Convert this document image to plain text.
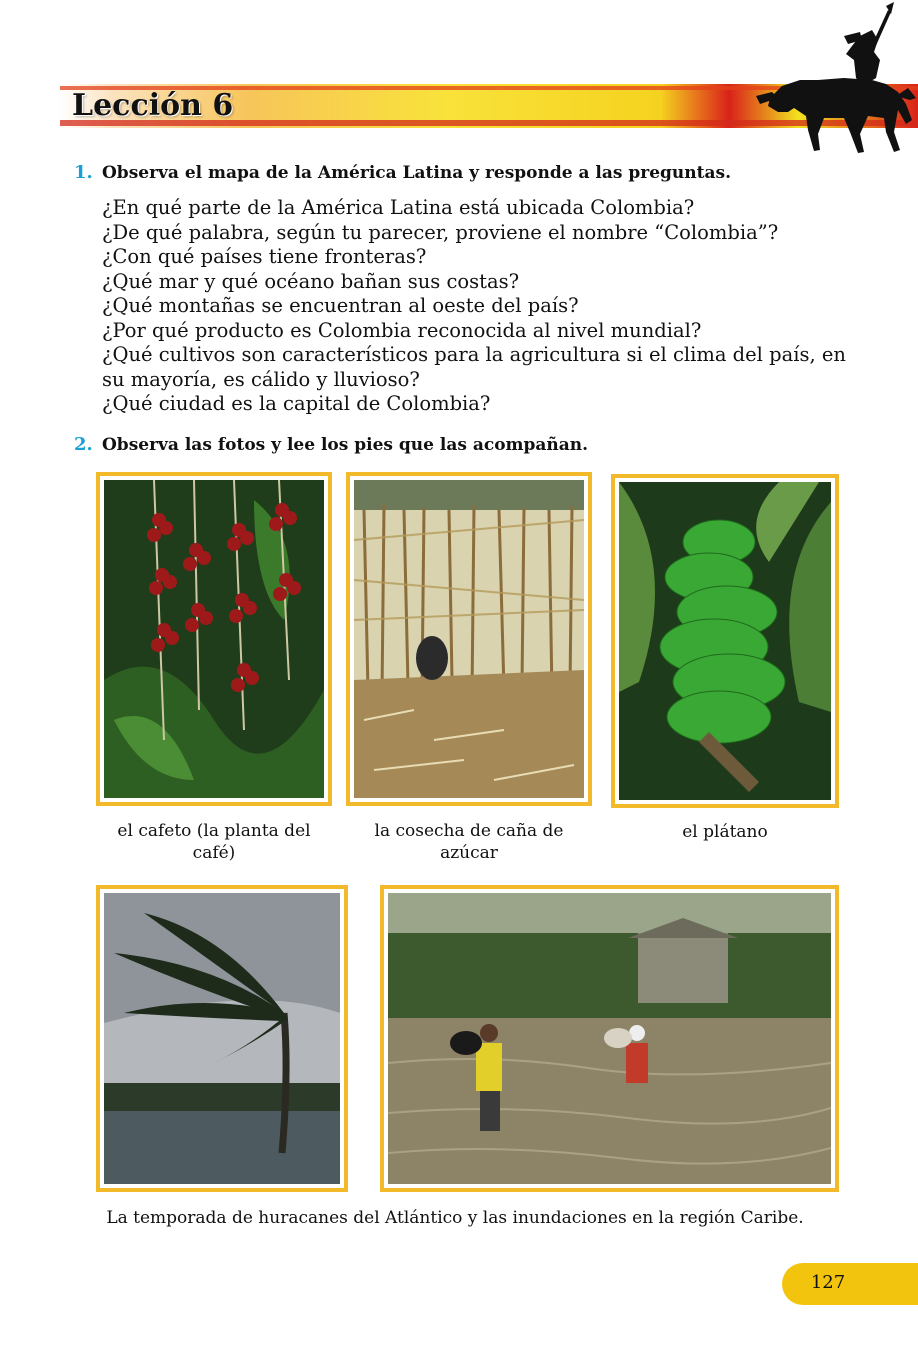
Lección 6
1. Observa el mapa de la América Latina y responde a las preguntas.
¿En qué parte de la América Latina está ubicada Colombia?
¿De qué palabra, según tu parecer, proviene el nombre “Colombia”?
¿Con qué países tiene fronteras?
¿Qué mar y qué océano bañan sus costas?
¿Qué montañas se encuentran al oeste del país?
¿Por qué producto es Colombia reconocida al nivel mundial?
¿Qué cultivos son característicos para la agricultura si el clima del país, en su mayoría, es cálido y lluvioso?
¿Qué ciudad es la capital de Colombia?
2. Observa las fotos y lee los pies que las acompañan.
el cafeto (la planta del café)
la cosecha de caña de azúcar
el plátano
La temporada de huracanes del Atlántico y las inundaciones en la región Caribe.
127
